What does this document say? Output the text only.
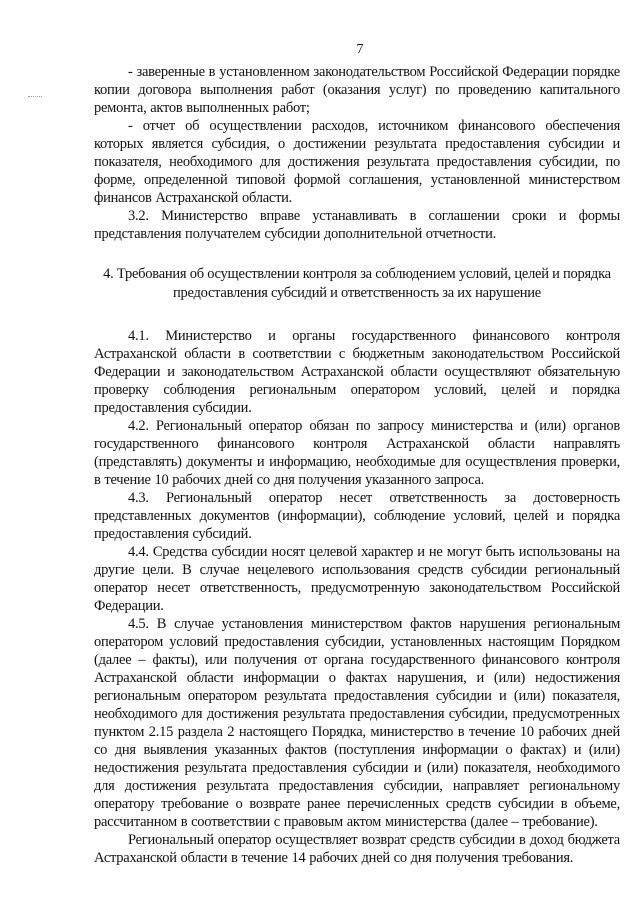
7

- заверенные в установленном законодательством Российской Федерации порядке копии договора выполнения работ (оказания услуг) по проведению капитального ремонта, актов выполненных работ;

- отчет об осуществлении расходов, источником финансового обеспечения которых является субсидия, о достижении результата предоставления субсидии и показателя, необходимого для достижения результата предоставления субсидии, по форме, определенной типовой формой соглашения, установленной министерством финансов Астраханской области.

3.2. Министерство вправе устанавливать в соглашении сроки и формы представления получателем субсидии дополнительной отчетности.

4. Требования об осуществлении контроля за соблюдением условий, целей и порядка предоставления субсидий и ответственность за их нарушение

4.1. Министерство и органы государственного финансового контроля Астраханской области в соответствии с бюджетным законодательством Российской Федерации и законодательством Астраханской области осуществляют обязательную проверку соблюдения региональным оператором условий, целей и порядка предоставления субсидии.

4.2. Региональный оператор обязан по запросу министерства и (или) органов государственного финансового контроля Астраханской области направлять (представлять) документы и информацию, необходимые для осуществления проверки, в течение 10 рабочих дней со дня получения указанного запроса.

4.3. Региональный оператор несет ответственность за достоверность представленных документов (информации), соблюдение условий, целей и порядка предоставления субсидий.

4.4. Средства субсидии носят целевой характер и не могут быть использованы на другие цели. В случае нецелевого использования средств субсидии региональный оператор несет ответственность, предусмотренную законодательством Российской Федерации.

4.5. В случае установления министерством фактов нарушения региональным оператором условий предоставления субсидии, установленных настоящим Порядком (далее – факты), или получения от органа государственного финансового контроля Астраханской области информации о фактах нарушения, и (или) недостижения региональным оператором результата предоставления субсидии и (или) показателя, необходимого для достижения результата предоставления субсидии, предусмотренных пунктом 2.15 раздела 2 настоящего Порядка, министерство в течение 10 рабочих дней со дня выявления указанных фактов (поступления информации о фактах) и (или) недостижения результата предоставления субсидии и (или) показателя, необходимого для достижения результата предоставления субсидии, направляет региональному оператору требование о возврате ранее перечисленных средств субсидии в объеме, рассчитанном в соответствии с правовым актом министерства (далее – требование).

Региональный оператор осуществляет возврат средств субсидии в доход бюджета Астраханской области в течение 14 рабочих дней со дня получения требования.
